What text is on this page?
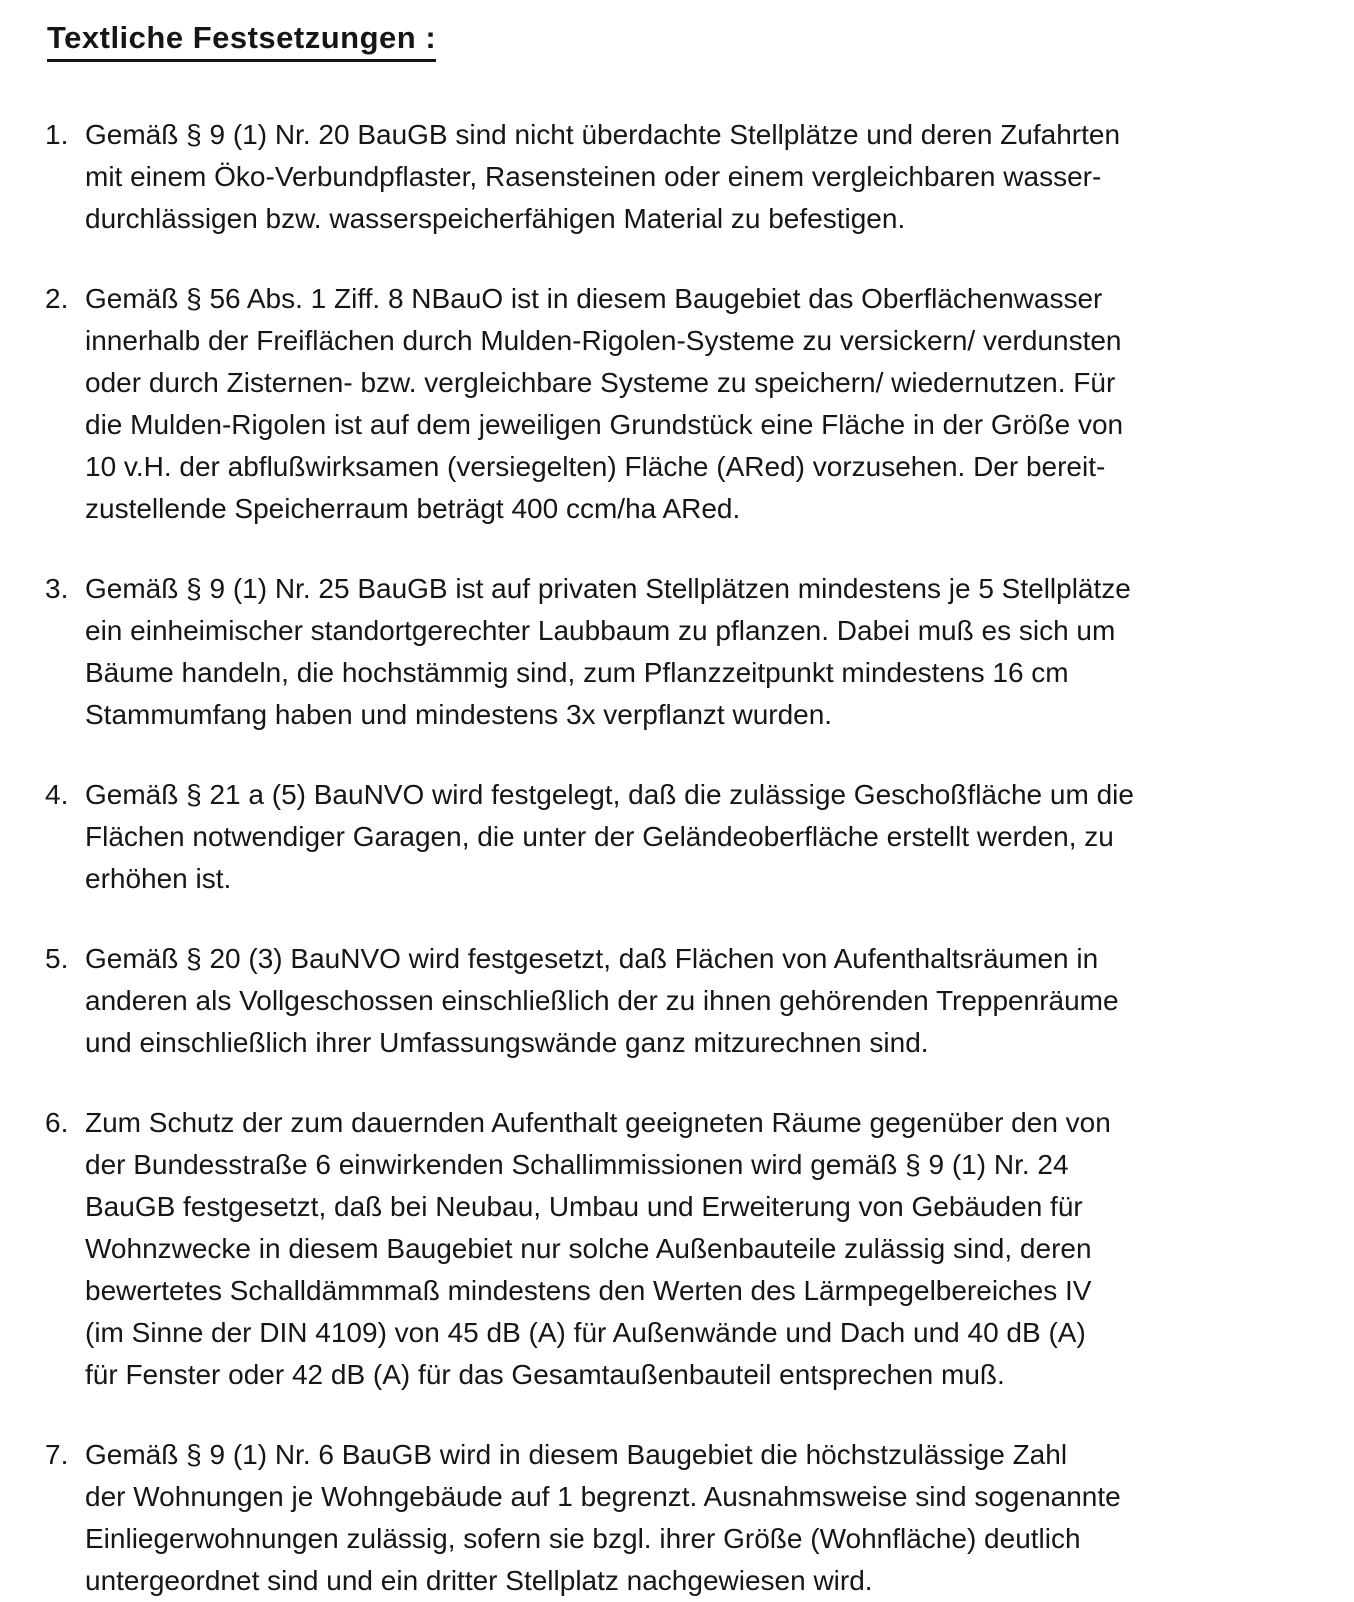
Textliche Festsetzungen :
1. Gemäß § 9 (1) Nr. 20 BauGB sind nicht überdachte Stellplätze und deren Zufahrten
mit einem Öko-Verbundpflaster, Rasensteinen oder einem vergleichbaren wasser-
durchlässigen bzw. wasserspeicherfähigen Material zu befestigen.
2. Gemäß § 56 Abs. 1 Ziff. 8 NBauO ist in diesem Baugebiet das Oberflächenwasser
innerhalb der Freiflächen durch Mulden-Rigolen-Systeme zu versickern/ verdunsten
oder durch Zisternen- bzw. vergleichbare Systeme zu speichern/ wiedernutzen. Für
die Mulden-Rigolen ist auf dem jeweiligen Grundstück eine Fläche in der Größe von
10 v.H. der abflußwirksamen (versiegelten) Fläche (ARed) vorzusehen. Der bereit-
zustellende Speicherraum beträgt 400 ccm/ha ARed.
3. Gemäß § 9 (1) Nr. 25 BauGB ist auf privaten Stellplätzen mindestens je 5 Stellplätze
ein einheimischer standortgerechter Laubbaum zu pflanzen. Dabei muß es sich um
Bäume handeln, die hochstämmig sind, zum Pflanzzeitpunkt mindestens 16 cm
Stammumfang haben und mindestens 3x verpflanzt wurden.
4. Gemäß § 21 a (5) BauNVO wird festgelegt, daß die zulässige Geschoßfläche um die
Flächen notwendiger Garagen, die unter der Geländeoberfläche erstellt werden, zu
erhöhen ist.
5. Gemäß § 20 (3) BauNVO wird festgesetzt, daß Flächen von Aufenthaltsräumen in
anderen als Vollgeschossen einschließlich der zu ihnen gehörenden Treppenräume
und einschließlich ihrer Umfassungswände ganz mitzurechnen sind.
6. Zum Schutz der zum dauernden Aufenthalt geeigneten Räume gegenüber den von
der Bundesstraße 6 einwirkenden Schallimmissionen wird gemäß § 9 (1) Nr. 24
BauGB festgesetzt, daß bei Neubau, Umbau und Erweiterung von Gebäuden für
Wohnzwecke in diesem Baugebiet nur solche Außenbauteile zulässig sind, deren
bewertetes Schalldämmmaß mindestens den Werten des Lärmpegelbereiches IV
(im Sinne der DIN 4109) von 45 dB (A) für Außenwände und Dach und 40 dB (A)
für Fenster oder 42 dB (A) für das Gesamtaußenbauteil entsprechen muß.
7. Gemäß § 9 (1) Nr. 6 BauGB wird in diesem Baugebiet die höchstzulässige Zahl
der Wohnungen je Wohngebäude auf 1 begrenzt. Ausnahmsweise sind sogenannte
Einliegerwohnungen zulässig, sofern sie bzgl. ihrer Größe (Wohnfläche) deutlich
untergeordnet sind und ein dritter Stellplatz nachgewiesen wird.
